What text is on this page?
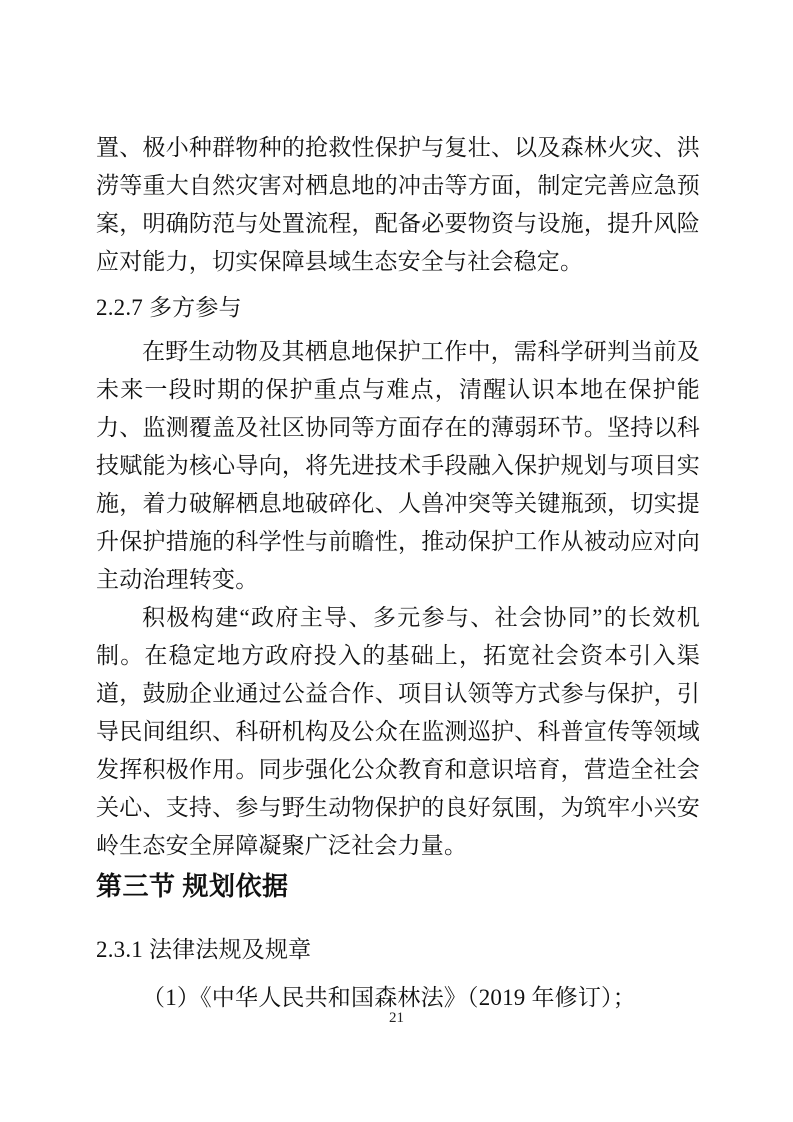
置、极小种群物种的抢救性保护与复壮、以及森林火灾、洪涝等重大自然灾害对栖息地的冲击等方面，制定完善应急预案，明确防范与处置流程，配备必要物资与设施，提升风险应对能力，切实保障县域生态安全与社会稳定。

2.2.7 多方参与

在野生动物及其栖息地保护工作中，需科学研判当前及未来一段时期的保护重点与难点，清醒认识本地在保护能力、监测覆盖及社区协同等方面存在的薄弱环节。坚持以科技赋能为核心导向，将先进技术手段融入保护规划与项目实施，着力破解栖息地破碎化、人兽冲突等关键瓶颈，切实提升保护措施的科学性与前瞻性，推动保护工作从被动应对向主动治理转变。

积极构建“政府主导、多元参与、社会协同”的长效机制。在稳定地方政府投入的基础上，拓宽社会资本引入渠道，鼓励企业通过公益合作、项目认领等方式参与保护，引导民间组织、科研机构及公众在监测巡护、科普宣传等领域发挥积极作用。同步强化公众教育和意识培育，营造全社会关心、支持、参与野生动物保护的良好氛围，为筑牢小兴安岭生态安全屏障凝聚广泛社会力量。

第三节 规划依据
2.3.1 法律法规及规章

（1）《中华人民共和国森林法》（2019 年修订）；

21
